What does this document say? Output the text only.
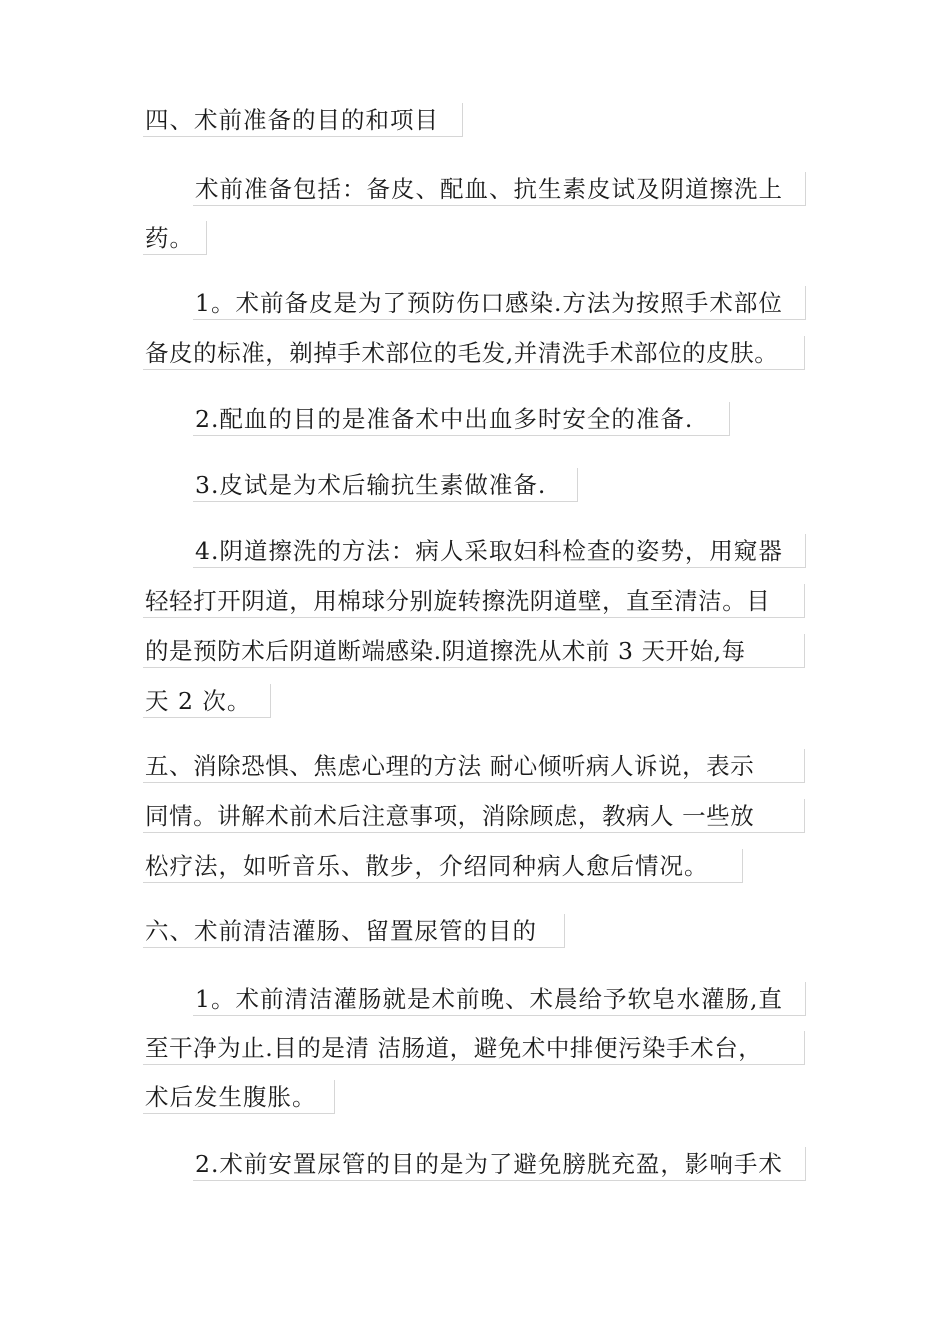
四、术前准备的目的和项目
术前准备包括：备皮、配血、抗生素皮试及阴道擦洗上
药。
1。术前备皮是为了预防伤口感染.方法为按照手术部位
备皮的标准，剃掉手术部位的毛发,并清洗手术部位的皮肤。
2.配血的目的是准备术中出血多时安全的准备.
3.皮试是为术后输抗生素做准备.
4.阴道擦洗的方法：病人采取妇科检查的姿势，用窥器
轻轻打开阴道，用棉球分别旋转擦洗阴道壁，直至清洁。目
的是预防术后阴道断端感染.阴道擦洗从术前 3 天开始,每
天 2 次。
五、消除恐惧、焦虑心理的方法 耐心倾听病人诉说，表示
同情。讲解术前术后注意事项，消除顾虑，教病人 一些放
松疗法，如听音乐、散步，介绍同种病人愈后情况。
六、术前清洁灌肠、留置尿管的目的
1。术前清洁灌肠就是术前晚、术晨给予软皂水灌肠,直
至干净为止.目的是清 洁肠道，避免术中排便污染手术台，
术后发生腹胀。
2.术前安置尿管的目的是为了避免膀胱充盈，影响手术
